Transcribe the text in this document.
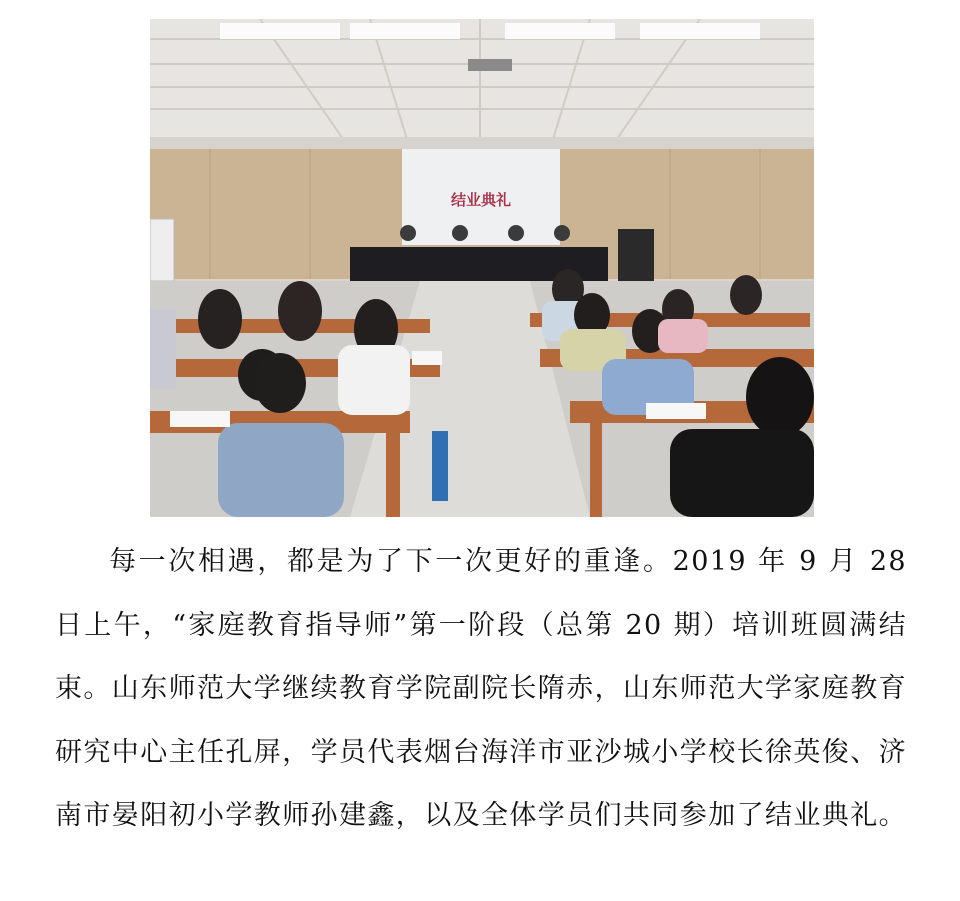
结业典礼

每一次相遇，都是为了下一次更好的重逢。2019 年 9 月 28 日上午，“家庭教育指导师”第一阶段（总第 20 期）培训班圆满结束。山东师范大学继续教育学院副院长隋赤，山东师范大学家庭教育研究中心主任孔屏，学员代表烟台海洋市亚沙城小学校长徐英俊、济南市晏阳初小学教师孙建鑫，以及全体学员们共同参加了结业典礼。
